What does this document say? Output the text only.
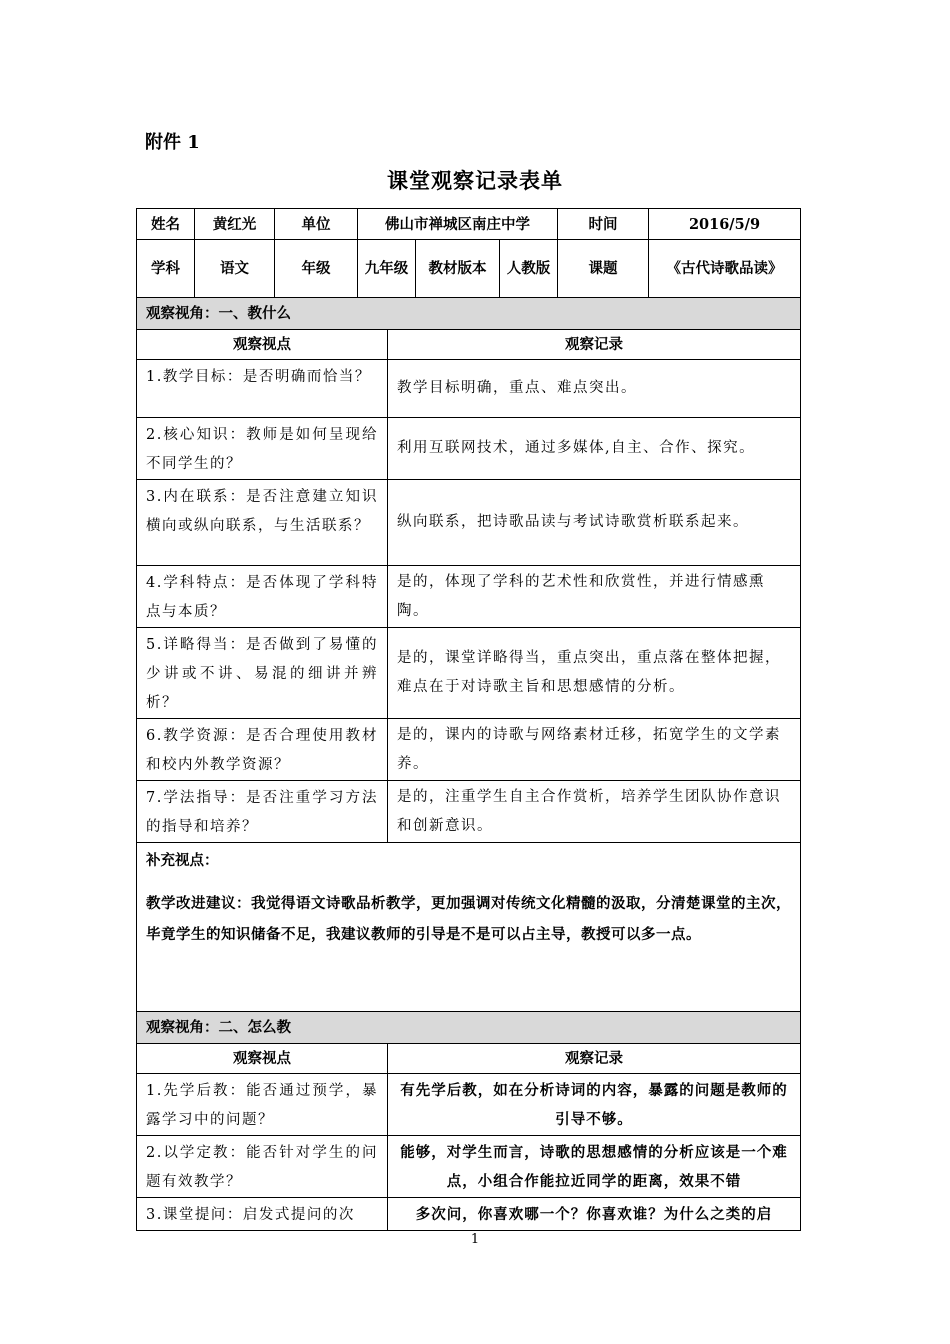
附件 1
课堂观察记录表单
姓名	黄红光	单位	佛山市禅城区南庄中学			时间	2016/5/9
学科	语文	年级	九年级	教材版本	人教版	课题	《古代诗歌品读》
观察视角：一、教什么	
观察视点	观察记录
1.教学目标：是否明确而恰当？	教学目标明确，重点、难点突出。
2.核心知识：教师是如何呈现给不同学生的？	利用互联网技术，通过多媒体,自主、合作、探究。
3.内在联系：是否注意建立知识横向或纵向联系，与生活联系？	纵向联系，把诗歌品读与考试诗歌赏析联系起来。
4.学科特点：是否体现了学科特点与本质？	是的，体现了学科的艺术性和欣赏性，并进行情感熏陶。
5.详略得当：是否做到了易懂的少讲或不讲、易混的细讲并辨析？	是的，课堂详略得当，重点突出，重点落在整体把握，难点在于对诗歌主旨和思想感情的分析。
6.教学资源：是否合理使用教材和校内外教学资源？	是的，课内的诗歌与网络素材迁移，拓宽学生的文学素养。
7.学法指导：是否注重学习方法的指导和培养？	是的，注重学生自主合作赏析，培养学生团队协作意识和创新意识。

补充视点：
教学改进建议：我觉得语文诗歌品析教学，更加强调对传统文化精髓的汲取，分清楚课堂的主次，毕竟学生的知识储备不足，我建议教师的引导是不是可以占主导，教授可以多一点。	

观察视角：二、怎么教	
观察视点	观察记录
1.先学后教：能否通过预学，暴露学习中的问题？	有先学后教，如在分析诗词的内容，暴露的问题是教师的引导不够。
2.以学定教：能否针对学生的问题有效教学？	能够，对学生而言，诗歌的思想感情的分析应该是一个难点，小组合作能拉近同学的距离，效果不错
3.课堂提问：启发式提问的次	多次问，你喜欢哪一个？你喜欢谁？为什么之类的启
1
